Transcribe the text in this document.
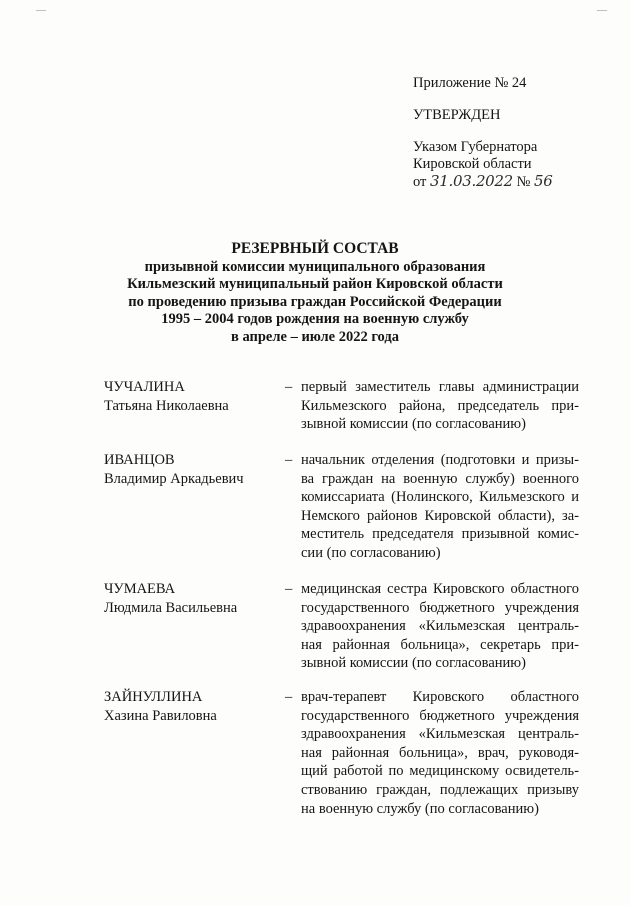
—	—
Приложение № 24
УТВЕРЖДЕН
Указом Губернатора
Кировской области
от 31.03.2022 № 56
РЕЗЕРВНЫЙ СОСТАВ
призывной комиссии муниципального образования
Кильмезский муниципальный район Кировской области
по проведению призыва граждан Российской Федерации
1995 – 2004 годов рождения на военную службу
в апреле – июле 2022 года
ЧУЧАЛИНА
Татьяна Николаевна
– первый заместитель главы администрации
Кильмезского района, председатель при-
зывной комиссии (по согласованию)
ИВАНЦОВ
Владимир Аркадьевич
– начальник отделения (подготовки и призы-
ва граждан на военную службу) военного
комиссариата (Нолинского, Кильмезского и
Немского районов Кировской области), за-
меститель председателя призывной комис-
сии (по согласованию)
ЧУМАЕВА
Людмила Васильевна
– медицинская сестра Кировского областного
государственного бюджетного учреждения
здравоохранения «Кильмезская централь-
ная районная больница», секретарь при-
зывной комиссии (по согласованию)
ЗАЙНУЛЛИНА
Хазина Равиловна
– врач-терапевт Кировского областного
государственного бюджетного учреждения
здравоохранения «Кильмезская централь-
ная районная больница», врач, руководя-
щий работой по медицинскому освидетель-
ствованию граждан, подлежащих призыву
на военную службу (по согласованию)
